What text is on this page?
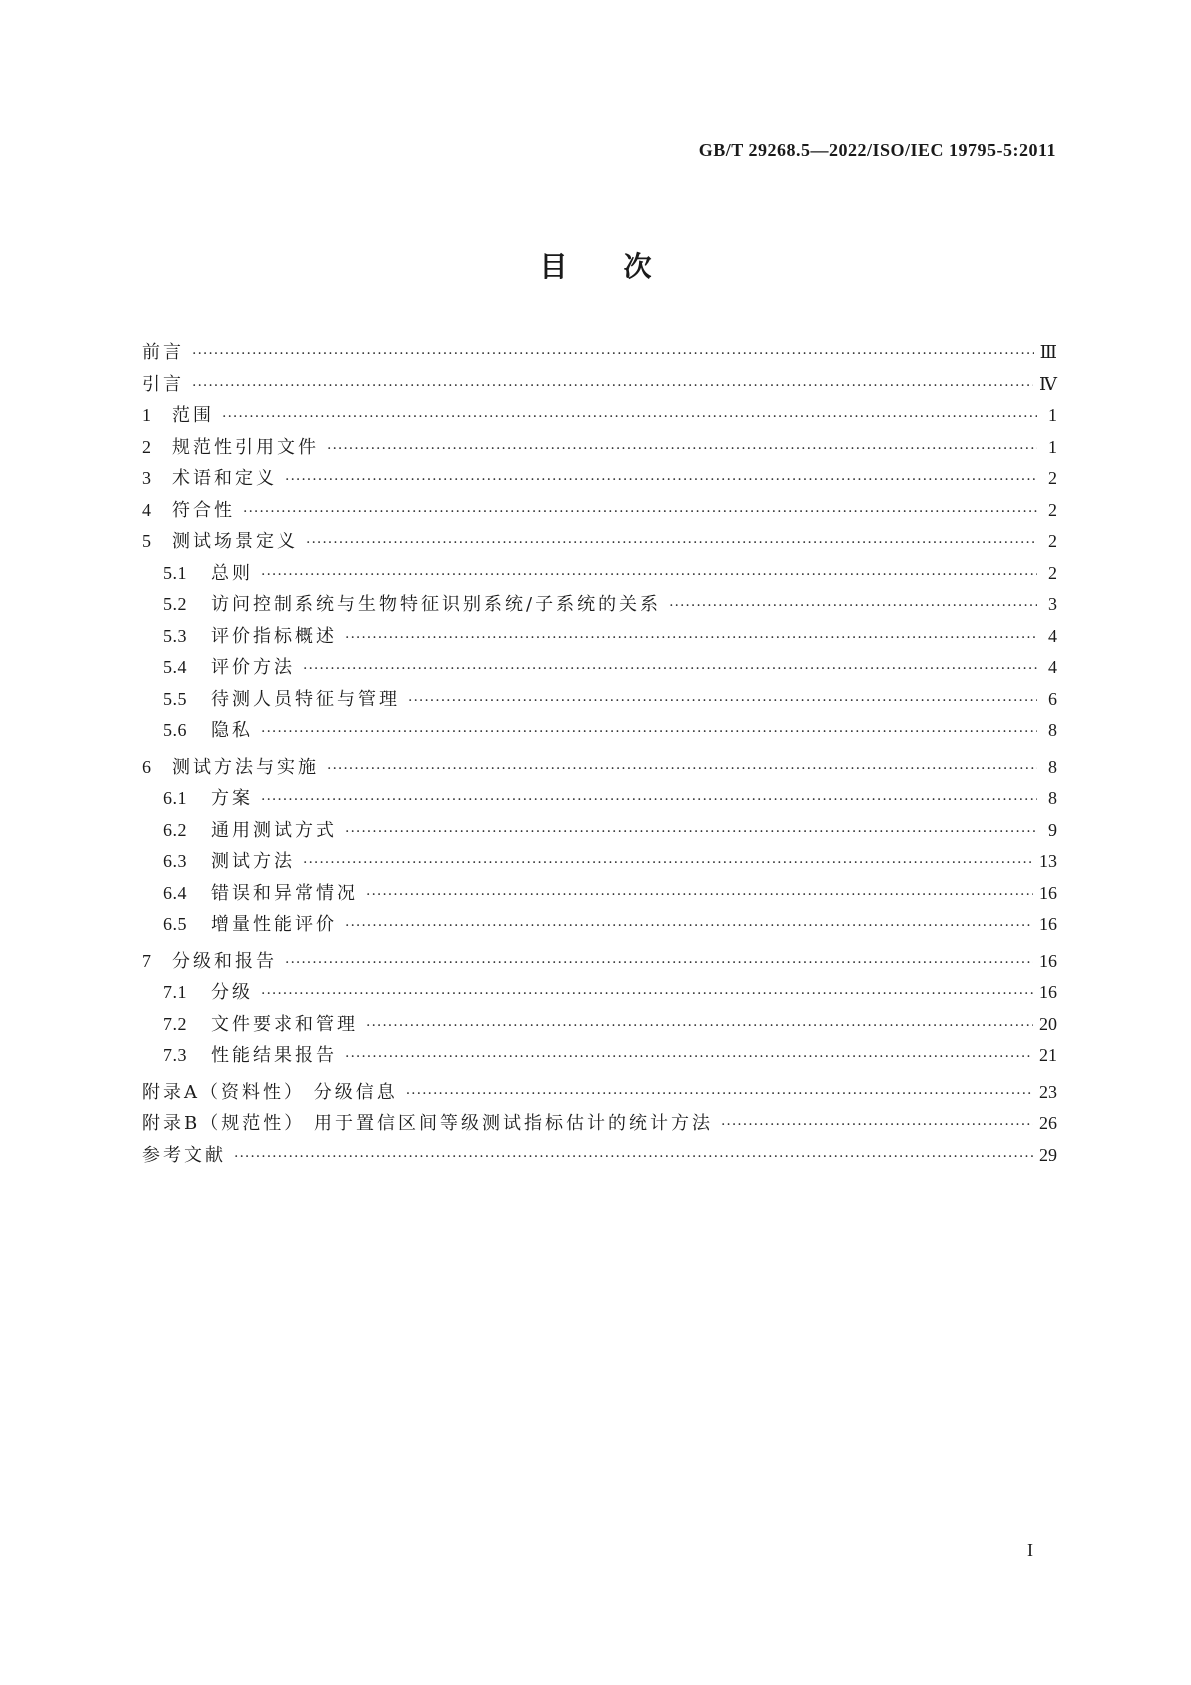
GB/T 29268.5—2022/ISO/IEC 19795-5:2011
目次
前言 ·····	Ⅲ
引言 ·····	Ⅳ
1	范围 ·····	1
2	规范性引用文件 ·····	1
3	术语和定义 ·····	2
4	符合性 ·····	2
5	测试场景定义 ·····	2
5.1	总则 ·····	2
5.2	访问控制系统与生物特征识别系统/子系统的关系 ·····	3
5.3	评价指标概述 ·····	4
5.4	评价方法 ·····	4
5.5	待测人员特征与管理 ·····	6
5.6	隐私 ·····	8
6	测试方法与实施 ·····	8
6.1	方案 ·····	8
6.2	通用测试方式 ·····	9
6.3	测试方法 ·····	13
6.4	错误和异常情况 ·····	16
6.5	增量性能评价 ·····	16
7	分级和报告 ·····	16
7.1	分级 ·····	16
7.2	文件要求和管理 ·····	20
7.3	性能结果报告 ·····	21
附录A（资料性） 分级信息 ·····	23
附录B（规范性） 用于置信区间等级测试指标估计的统计方法 ·····	26
参考文献 ·····	29
I
